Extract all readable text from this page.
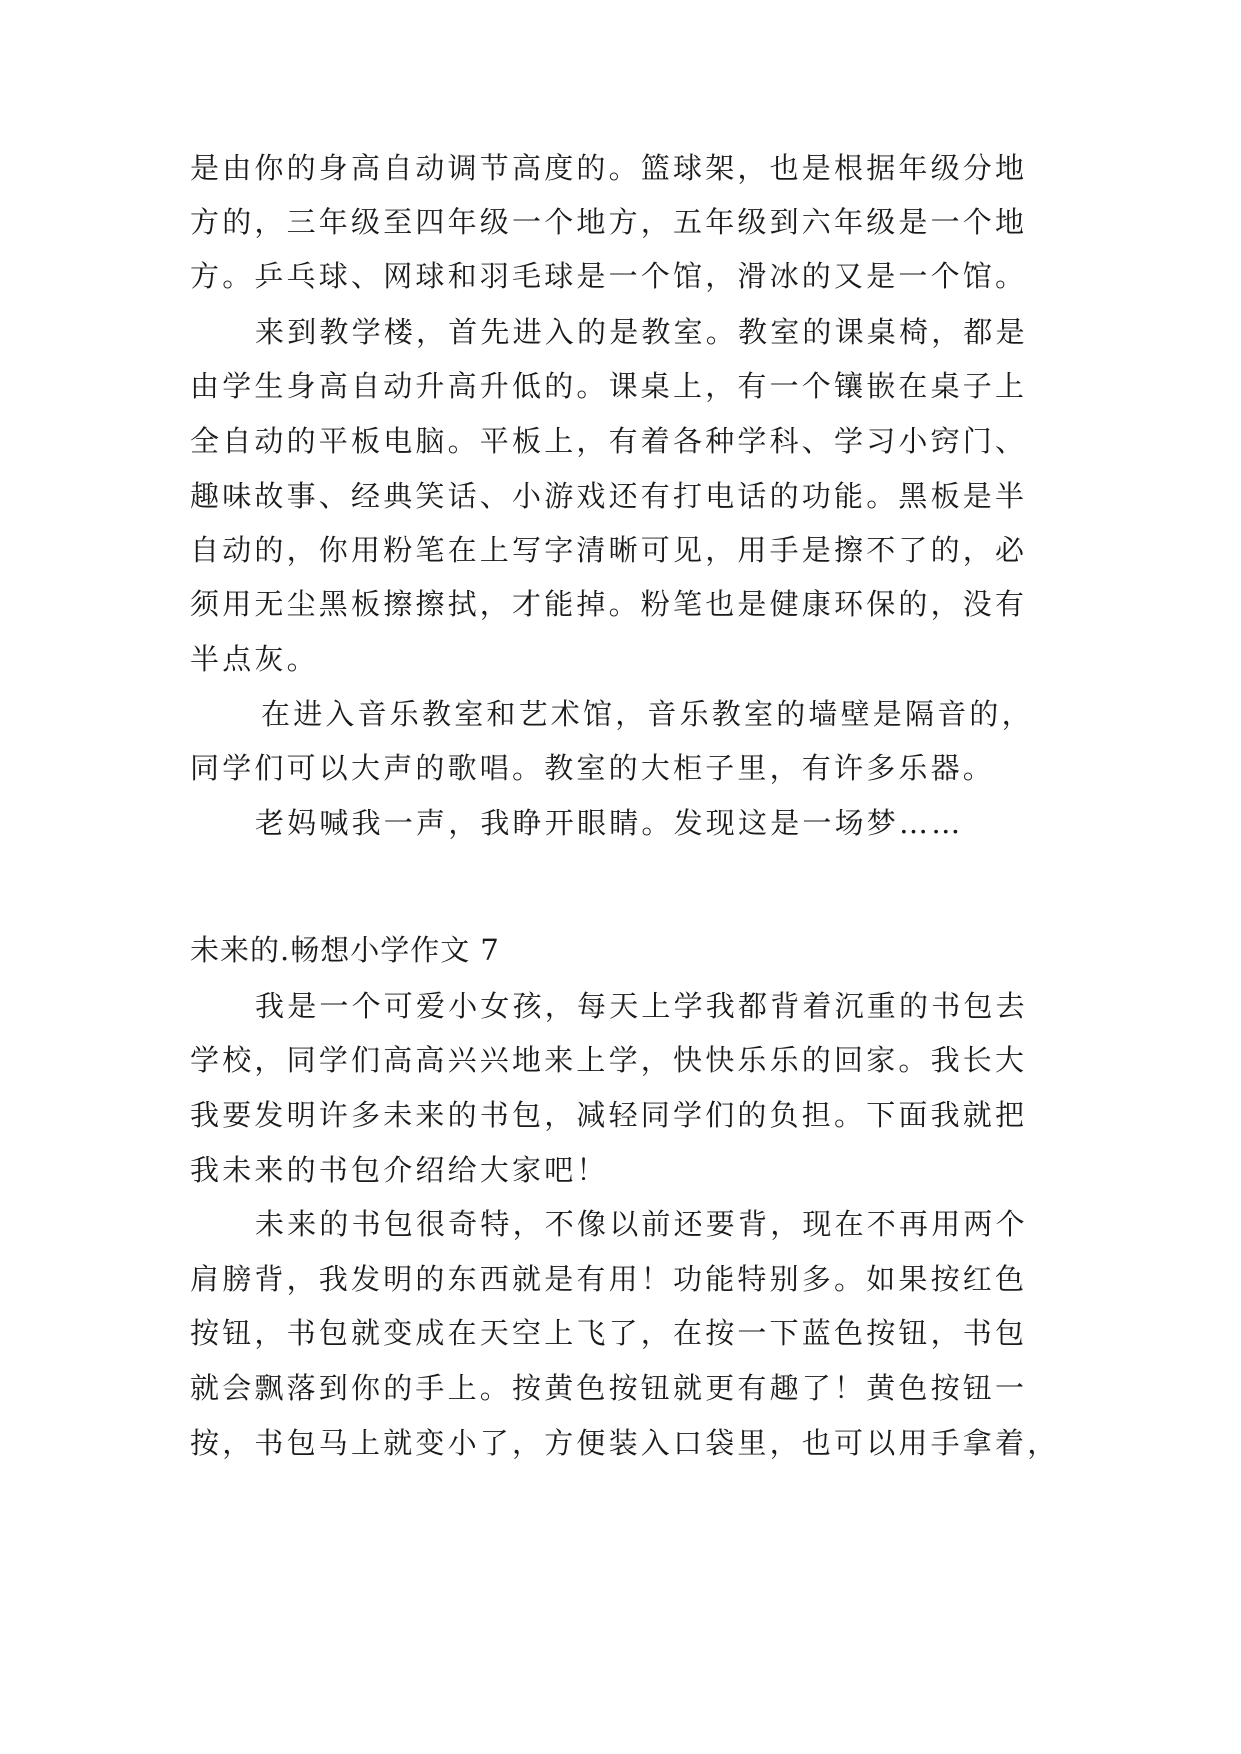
是由你的身高自动调节高度的。篮球架，也是根据年级分地
方的，三年级至四年级一个地方，五年级到六年级是一个地
方。乒乓球、网球和羽毛球是一个馆，滑冰的又是一个馆。
来到教学楼，首先进入的是教室。教室的课桌椅，都是
由学生身高自动升高升低的。课桌上，有一个镶嵌在桌子上
全自动的平板电脑。平板上，有着各种学科、学习小窍门、
趣味故事、经典笑话、小游戏还有打电话的功能。黑板是半
自动的，你用粉笔在上写字清晰可见，用手是擦不了的，必
须用无尘黑板擦擦拭，才能掉。粉笔也是健康环保的，没有
半点灰。
在进入音乐教室和艺术馆，音乐教室的墙壁是隔音的，
同学们可以大声的歌唱。教室的大柜子里，有许多乐器。
老妈喊我一声，我睁开眼睛。发现这是一场梦……
未来的.畅想小学作文 7
我是一个可爱小女孩，每天上学我都背着沉重的书包去
学校，同学们高高兴兴地来上学，快快乐乐的回家。我长大
我要发明许多未来的书包，减轻同学们的负担。下面我就把
我未来的书包介绍给大家吧！
未来的书包很奇特，不像以前还要背，现在不再用两个
肩膀背，我发明的东西就是有用！功能特别多。如果按红色
按钮，书包就变成在天空上飞了，在按一下蓝色按钮，书包
就会飘落到你的手上。按黄色按钮就更有趣了！黄色按钮一
按，书包马上就变小了，方便装入口袋里，也可以用手拿着，
